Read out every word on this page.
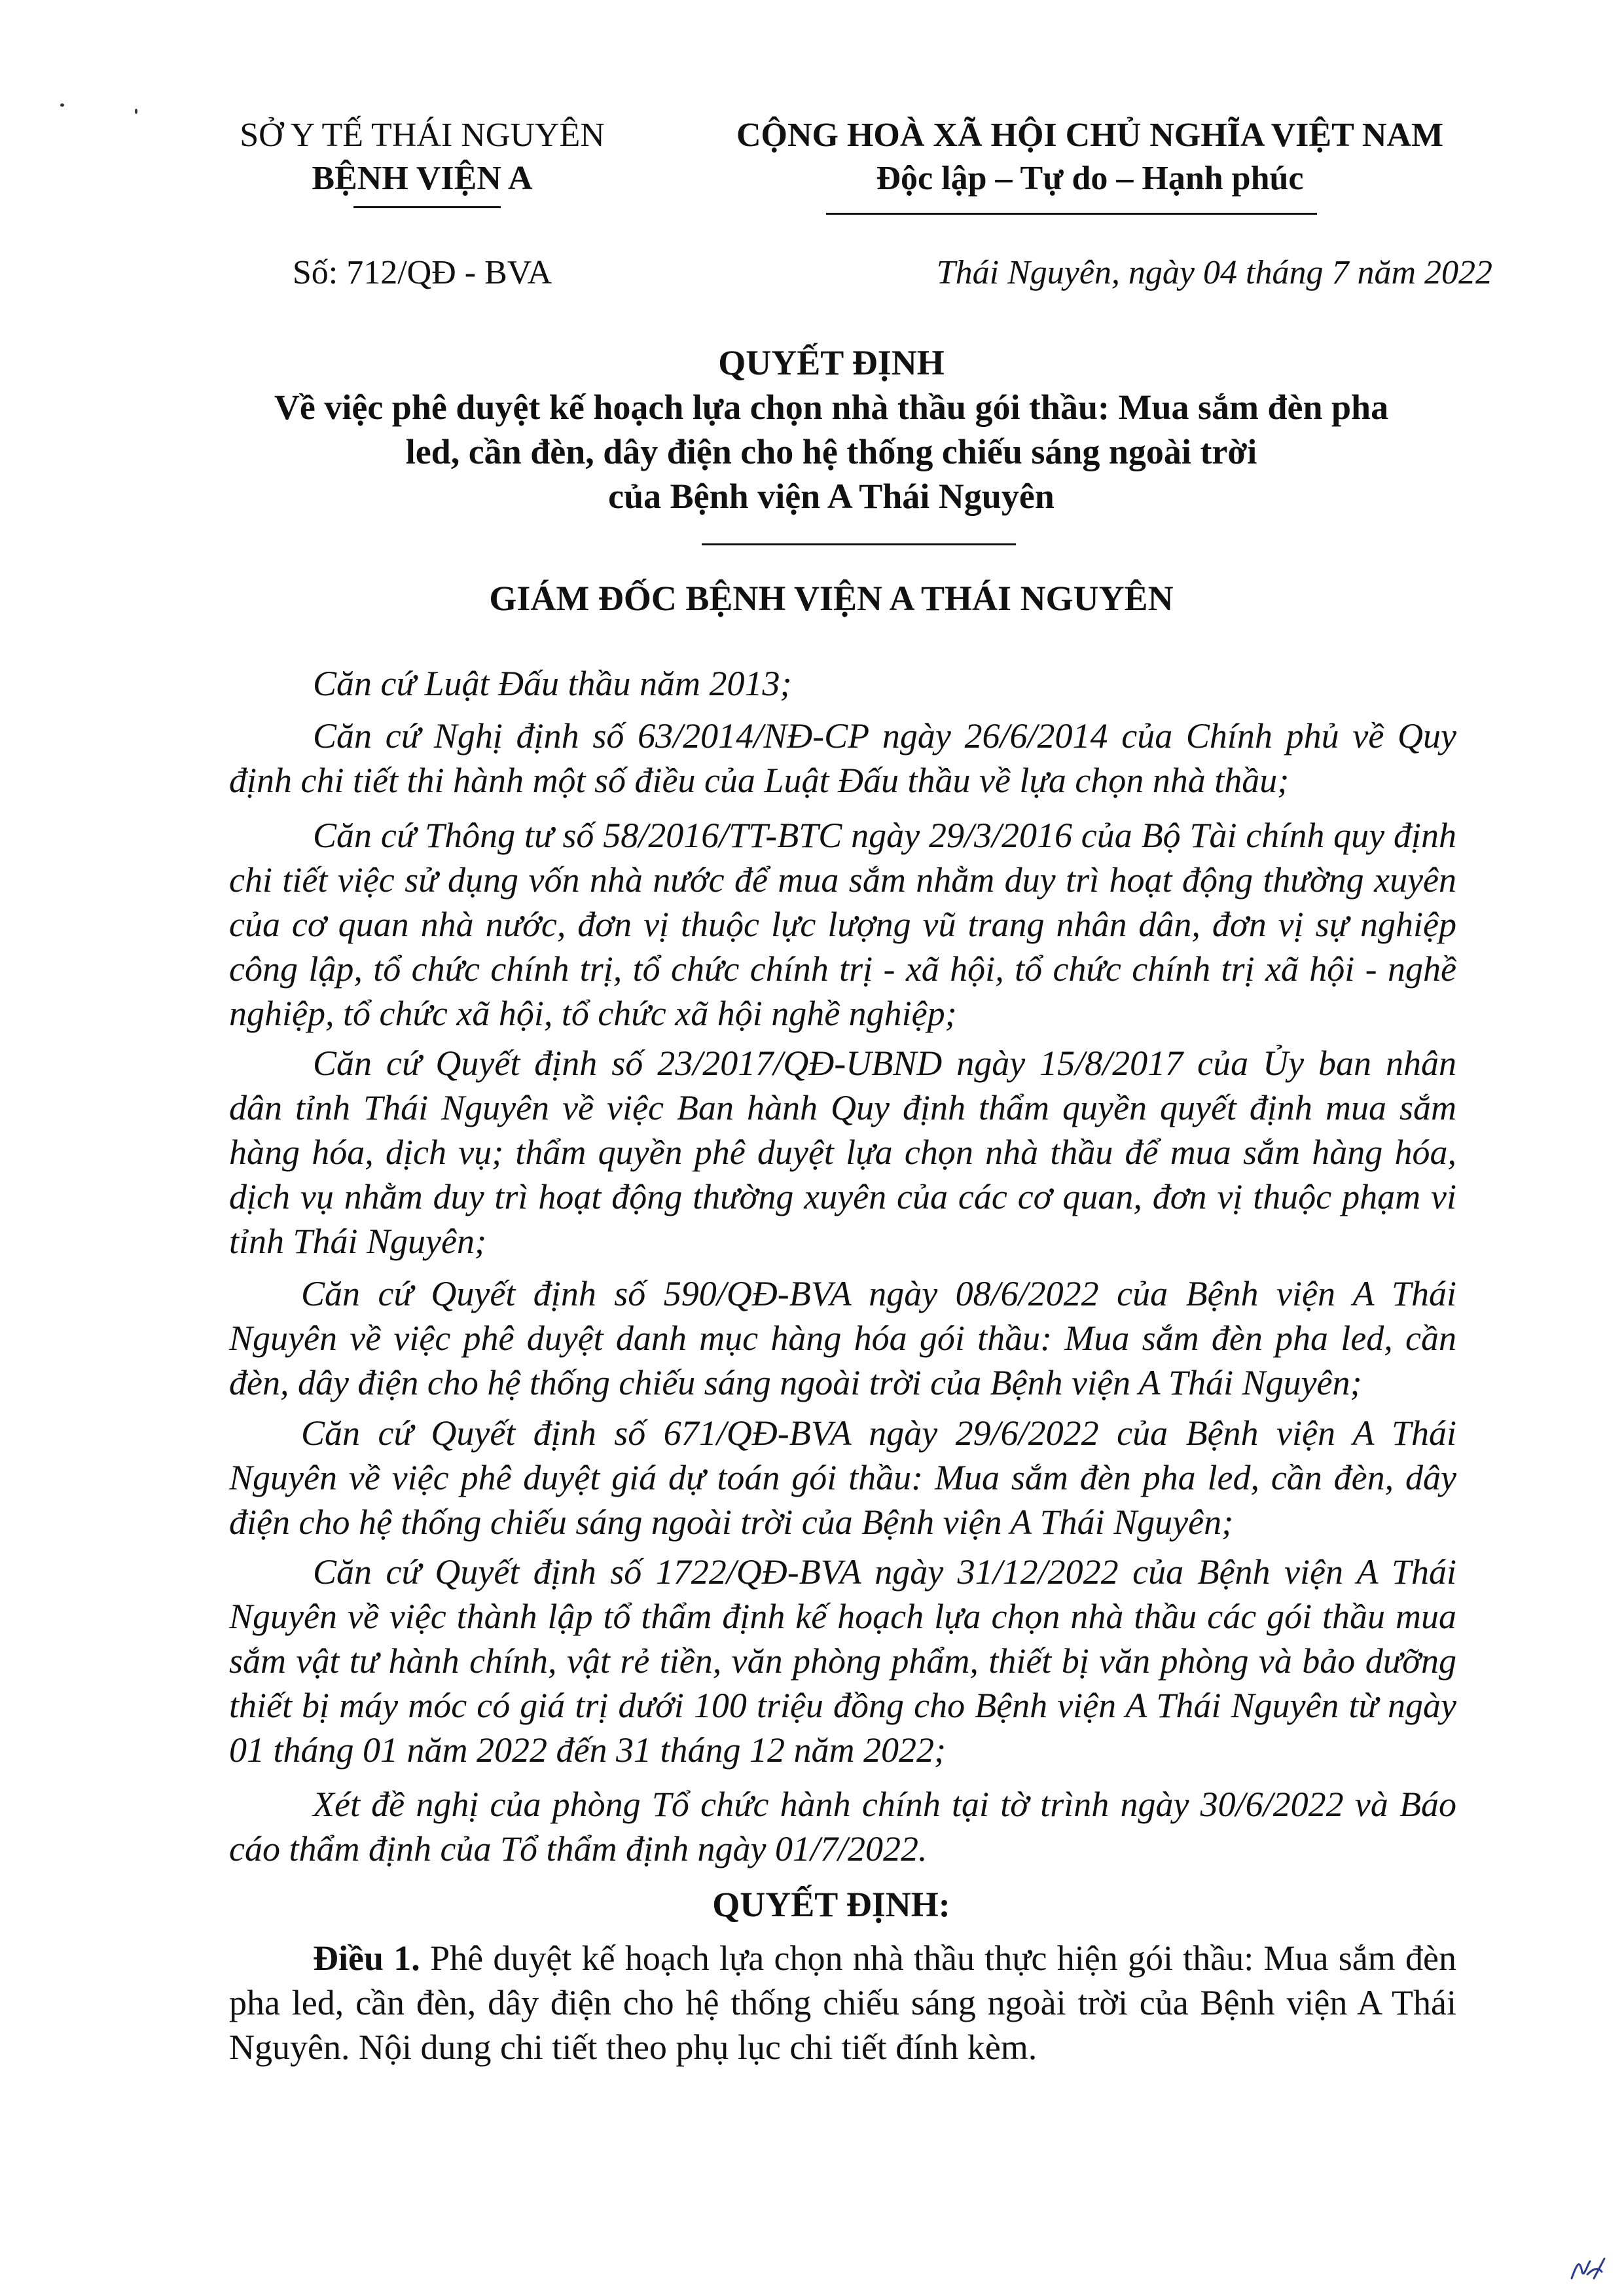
SỞ Y TẾ THÁI NGUYÊN
BỆNH VIỆN A
Số: 712/QĐ - BVA
CỘNG HOÀ XÃ HỘI CHỦ NGHĨA VIỆT NAM
Độc lập – Tự do – Hạnh phúc
Thái Nguyên, ngày 04 tháng 7 năm 2022
QUYẾT ĐỊNH
Về việc phê duyệt kế hoạch lựa chọn nhà thầu gói thầu: Mua sắm đèn pha
led, cần đèn, dây điện cho hệ thống chiếu sáng ngoài trời
của Bệnh viện A Thái Nguyên
GIÁM ĐỐC BỆNH VIỆN A THÁI NGUYÊN
Căn cứ Luật Đấu thầu năm 2013;
Căn cứ Nghị định số 63/2014/NĐ-CP ngày 26/6/2014 của Chính phủ về Quy định chi tiết thi hành một số điều của Luật Đấu thầu về lựa chọn nhà thầu;
Căn cứ Thông tư số 58/2016/TT-BTC ngày 29/3/2016 của Bộ Tài chính quy định chi tiết việc sử dụng vốn nhà nước để mua sắm nhằm duy trì hoạt động thường xuyên của cơ quan nhà nước, đơn vị thuộc lực lượng vũ trang nhân dân, đơn vị sự nghiệp công lập, tổ chức chính trị, tổ chức chính trị - xã hội, tổ chức chính trị xã hội - nghề nghiệp, tổ chức xã hội, tổ chức xã hội nghề nghiệp;
Căn cứ Quyết định số 23/2017/QĐ-UBND ngày 15/8/2017 của Ủy ban nhân dân tỉnh Thái Nguyên về việc Ban hành Quy định thẩm quyền quyết định mua sắm hàng hóa, dịch vụ; thẩm quyền phê duyệt lựa chọn nhà thầu để mua sắm hàng hóa, dịch vụ nhằm duy trì hoạt động thường xuyên của các cơ quan, đơn vị thuộc phạm vi tỉnh Thái Nguyên;
Căn cứ Quyết định số 590/QĐ-BVA ngày 08/6/2022 của Bệnh viện A Thái Nguyên về việc phê duyệt danh mục hàng hóa gói thầu: Mua sắm đèn pha led, cần đèn, dây điện cho hệ thống chiếu sáng ngoài trời của Bệnh viện A Thái Nguyên;
Căn cứ Quyết định số 671/QĐ-BVA ngày 29/6/2022 của Bệnh viện A Thái Nguyên về việc phê duyệt giá dự toán gói thầu: Mua sắm đèn pha led, cần đèn, dây điện cho hệ thống chiếu sáng ngoài trời của Bệnh viện A Thái Nguyên;
Căn cứ Quyết định số 1722/QĐ-BVA ngày 31/12/2022 của Bệnh viện A Thái Nguyên về việc thành lập tổ thẩm định kế hoạch lựa chọn nhà thầu các gói thầu mua sắm vật tư hành chính, vật rẻ tiền, văn phòng phẩm, thiết bị văn phòng và bảo dưỡng thiết bị máy móc có giá trị dưới 100 triệu đồng cho Bệnh viện A Thái Nguyên từ ngày 01 tháng 01 năm 2022 đến 31 tháng 12 năm 2022;
Xét đề nghị của phòng Tổ chức hành chính tại tờ trình ngày 30/6/2022 và Báo cáo thẩm định của Tổ thẩm định ngày 01/7/2022.
QUYẾT ĐỊNH:
Điều 1. Phê duyệt kế hoạch lựa chọn nhà thầu thực hiện gói thầu: Mua sắm đèn pha led, cần đèn, dây điện cho hệ thống chiếu sáng ngoài trời của Bệnh viện A Thái Nguyên. Nội dung chi tiết theo phụ lục chi tiết đính kèm.
